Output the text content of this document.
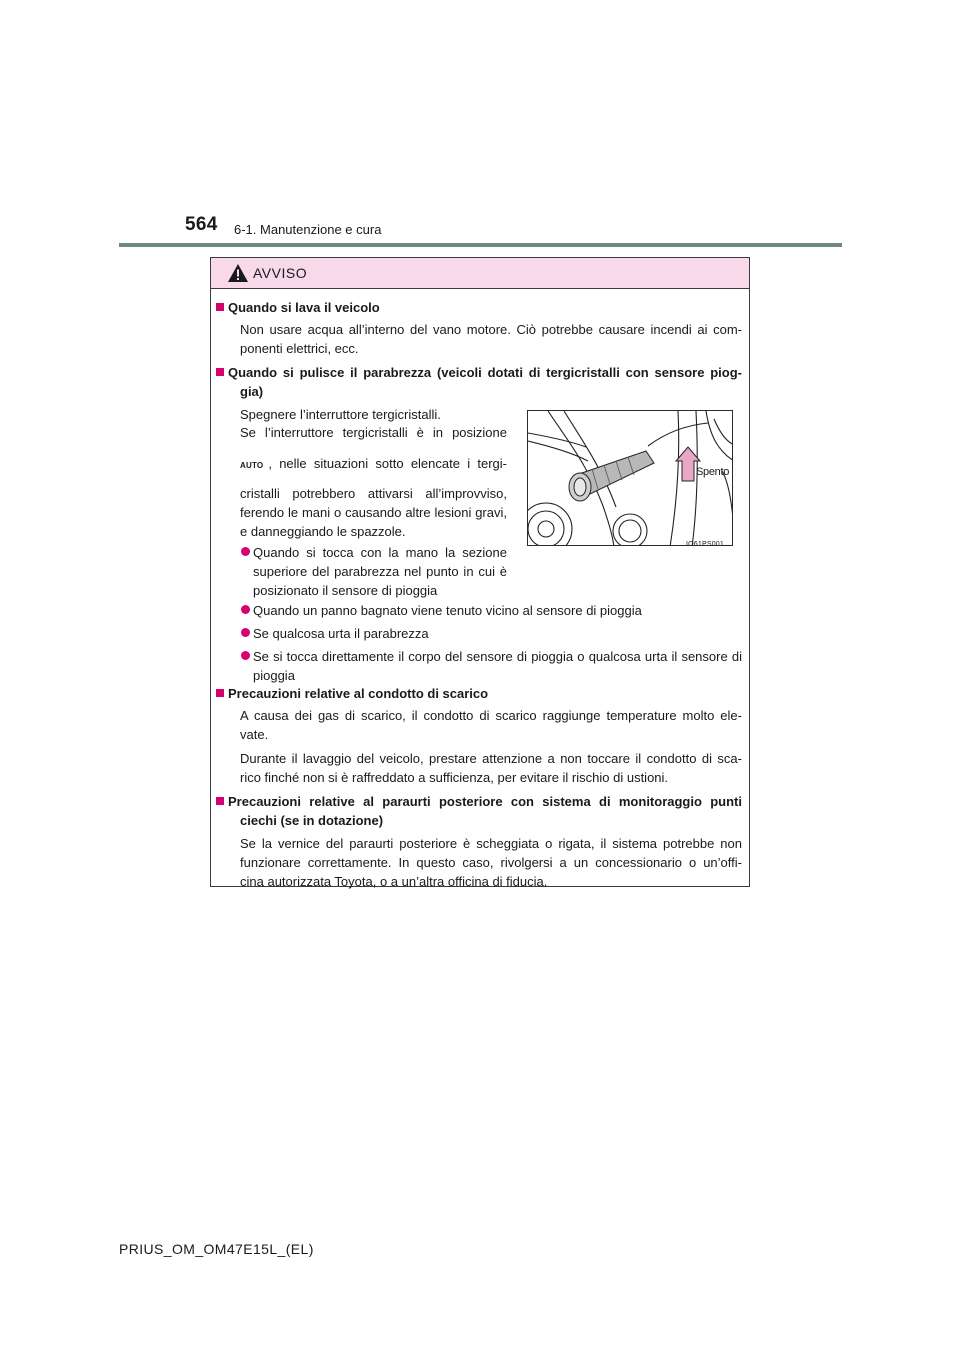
564 6-1. Manutenzione e cura
AVVISO
Quando si lava il veicolo
Non usare acqua all’interno del vano motore. Ciò potrebbe causare incendi ai com-
ponenti elettrici, ecc.
Quando si pulisce il parabrezza (veicoli dotati di tergicristalli con sensore piog-
gia)
Spegnere l’interruttore tergicristalli.
Se l’interruttore tergicristalli è in posizione
AUTO , nelle situazioni sotto elencate i tergi-
cristalli potrebbero attivarsi all’improvviso,
ferendo le mani o causando altre lesioni gravi,
e danneggiando le spazzole.
Quando si tocca con la mano la sezione
superiore del parabrezza nel punto in cui è
posizionato il sensore di pioggia
Quando un panno bagnato viene tenuto vicino al sensore di pioggia
Se qualcosa urta il parabrezza
Se si tocca direttamente il corpo del sensore di pioggia o qualcosa urta il sensore di
pioggia
Spento
IO61PS001
Precauzioni relative al condotto di scarico
A causa dei gas di scarico, il condotto di scarico raggiunge temperature molto ele-
vate.
Durante il lavaggio del veicolo, prestare attenzione a non toccare il condotto di sca-
rico finché non si è raffreddato a sufficienza, per evitare il rischio di ustioni.
Precauzioni relative al paraurti posteriore con sistema di monitoraggio punti
ciechi (se in dotazione)
Se la vernice del paraurti posteriore è scheggiata o rigata, il sistema potrebbe non
funzionare correttamente. In questo caso, rivolgersi a un concessionario o un’offi-
cina autorizzata Toyota, o a un’altra officina di fiducia.
PRIUS_OM_OM47E15L_(EL)
